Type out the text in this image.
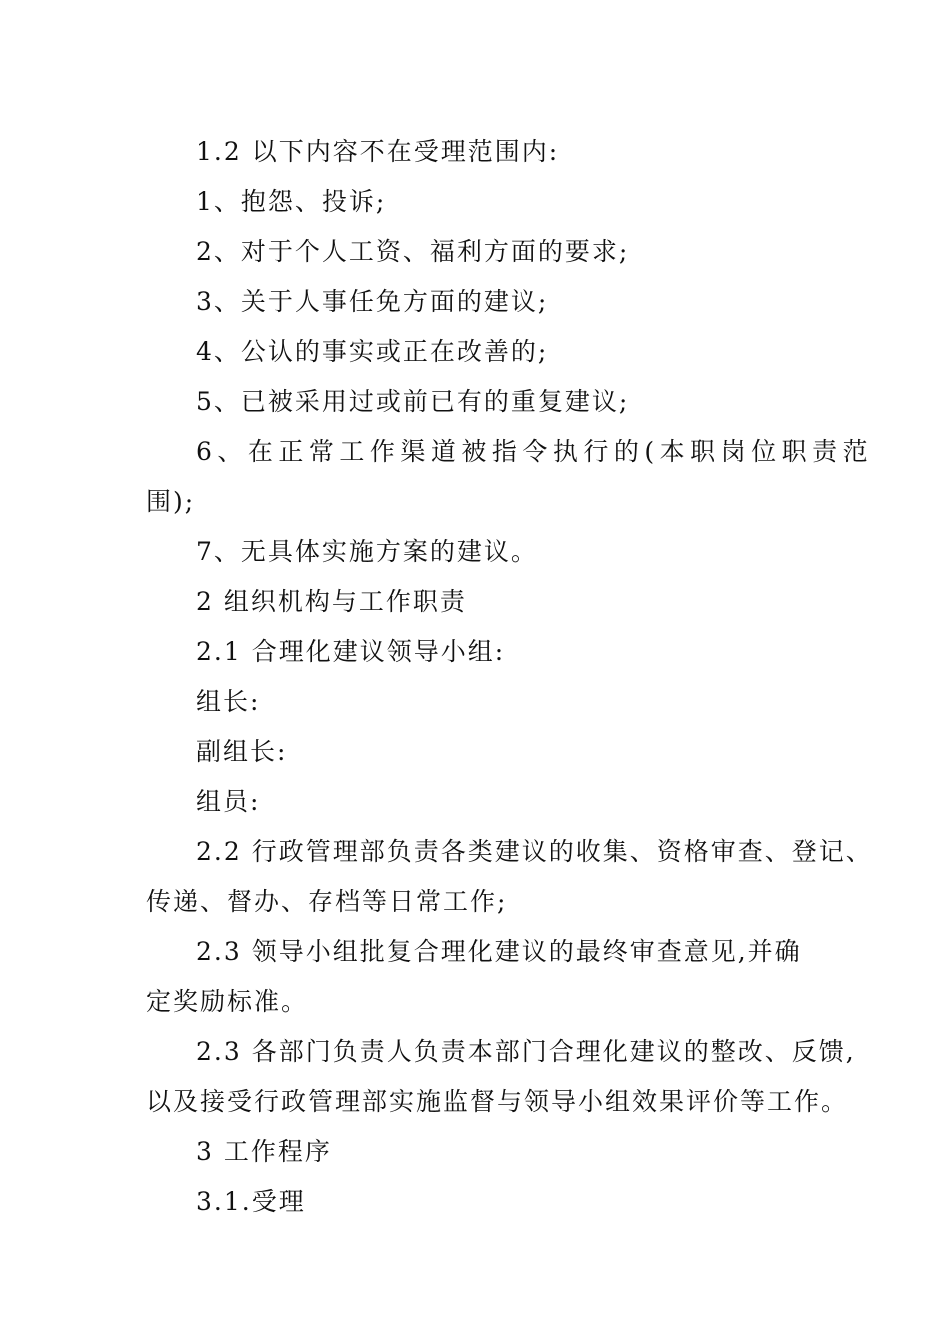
1.2 以下内容不在受理范围内:
1、抱怨、投诉;
2、对于个人工资、福利方面的要求;
3、关于人事任免方面的建议;
4、公认的事实或正在改善的;
5、已被采用过或前已有的重复建议;
6、在正常工作渠道被指令执行的(本职岗位职责范
围);
7、无具体实施方案的建议。
2 组织机构与工作职责
2.1 合理化建议领导小组:
组长:
副组长:
组员:
2.2 行政管理部负责各类建议的收集、资格审查、登记、
传递、督办、存档等日常工作;
2.3 领导小组批复合理化建议的最终审查意见,并确
定奖励标准。
2.3 各部门负责人负责本部门合理化建议的整改、反馈,
以及接受行政管理部实施监督与领导小组效果评价等工作。
3 工作程序
3.1.受理
